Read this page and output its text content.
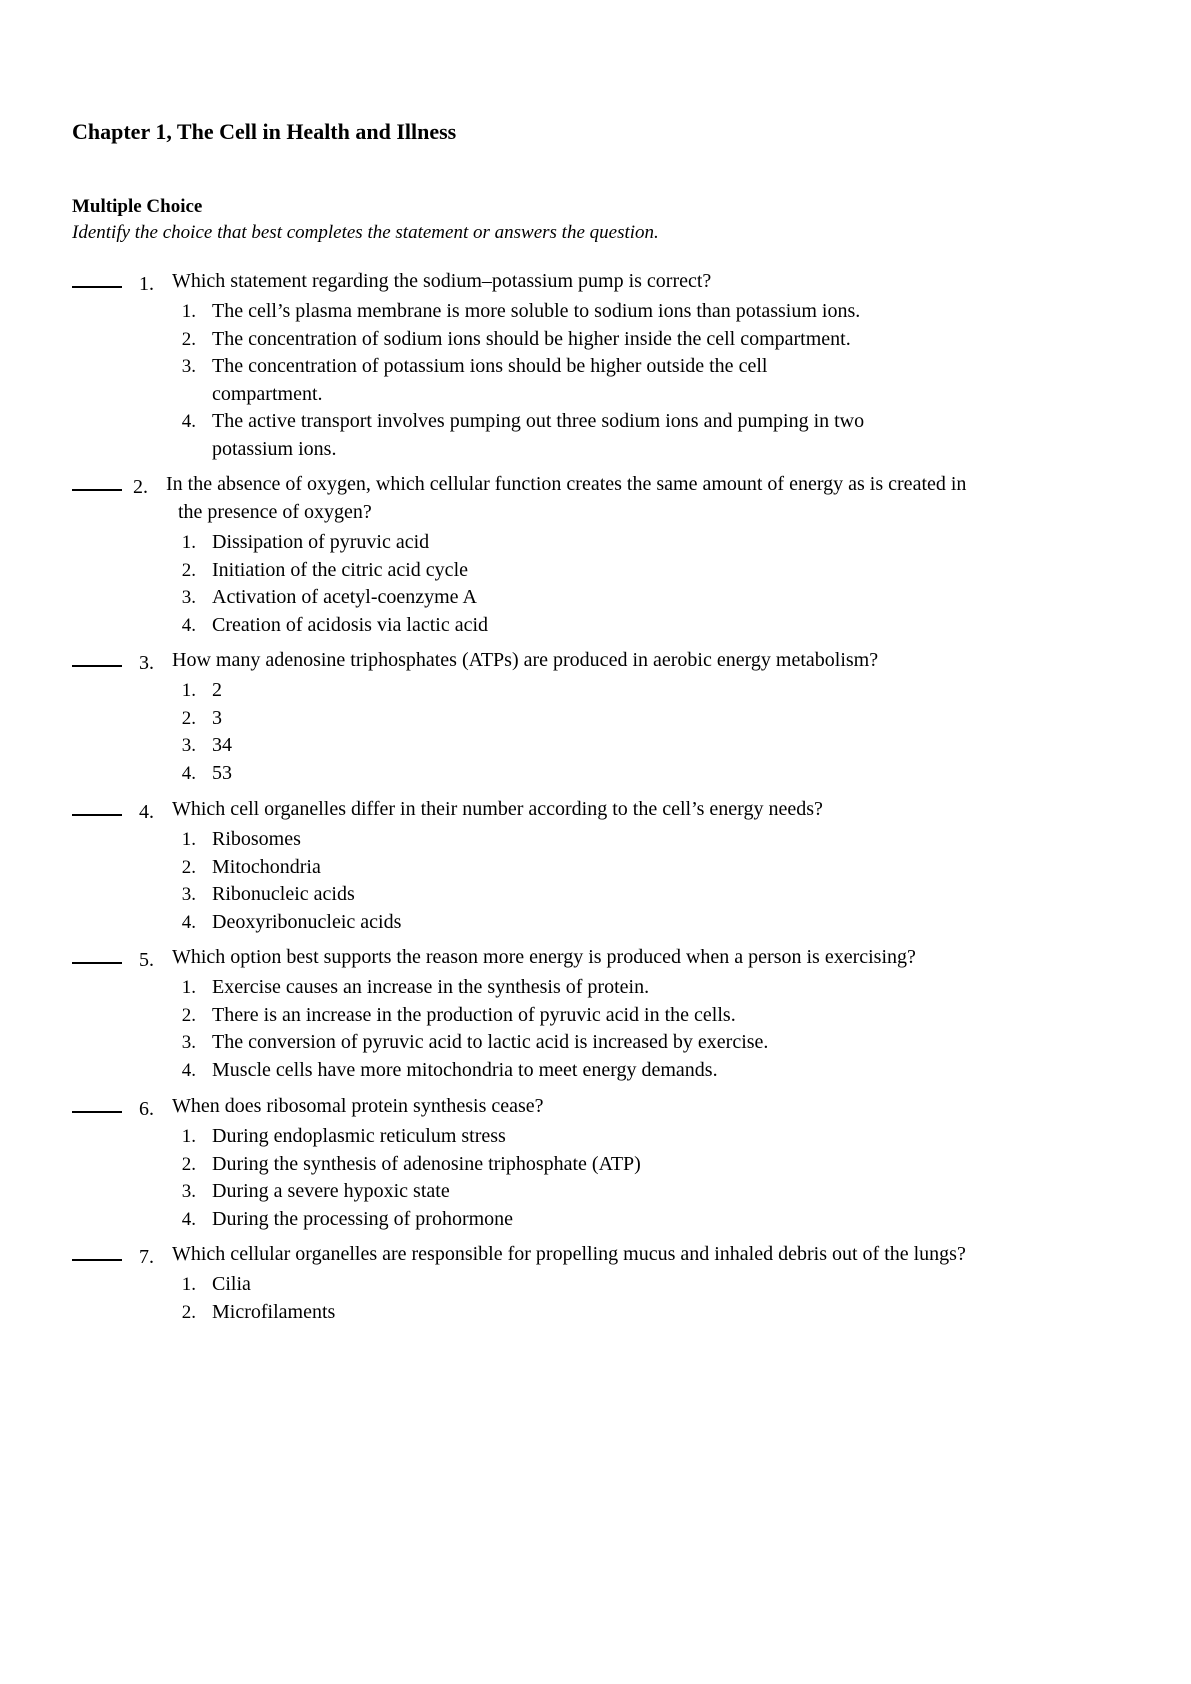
Chapter 1, The Cell in Health and Illness
Multiple Choice
Identify the choice that best completes the statement or answers the question.
1. Which statement regarding the sodium–potassium pump is correct?
1. The cell’s plasma membrane is more soluble to sodium ions than potassium ions.
2. The concentration of sodium ions should be higher inside the cell compartment.
3. The concentration of potassium ions should be higher outside the cell
compartment.
4. The active transport involves pumping out three sodium ions and pumping in two
potassium ions.
2. In the absence of oxygen, which cellular function creates the same amount of energy as is created in
the presence of oxygen?
1. Dissipation of pyruvic acid
2. Initiation of the citric acid cycle
3. Activation of acetyl-coenzyme A
4. Creation of acidosis via lactic acid
3. How many adenosine triphosphates (ATPs) are produced in aerobic energy metabolism?
1. 2
2. 3
3. 34
4. 53
4. Which cell organelles differ in their number according to the cell’s energy needs?
1. Ribosomes
2. Mitochondria
3. Ribonucleic acids
4. Deoxyribonucleic acids
5. Which option best supports the reason more energy is produced when a person is exercising?
1. Exercise causes an increase in the synthesis of protein.
2. There is an increase in the production of pyruvic acid in the cells.
3. The conversion of pyruvic acid to lactic acid is increased by exercise.
4. Muscle cells have more mitochondria to meet energy demands.
6. When does ribosomal protein synthesis cease?
1. During endoplasmic reticulum stress
2. During the synthesis of adenosine triphosphate (ATP)
3. During a severe hypoxic state
4. During the processing of prohormone
7. Which cellular organelles are responsible for propelling mucus and inhaled debris out of the lungs?
1. Cilia
2. Microfilaments
